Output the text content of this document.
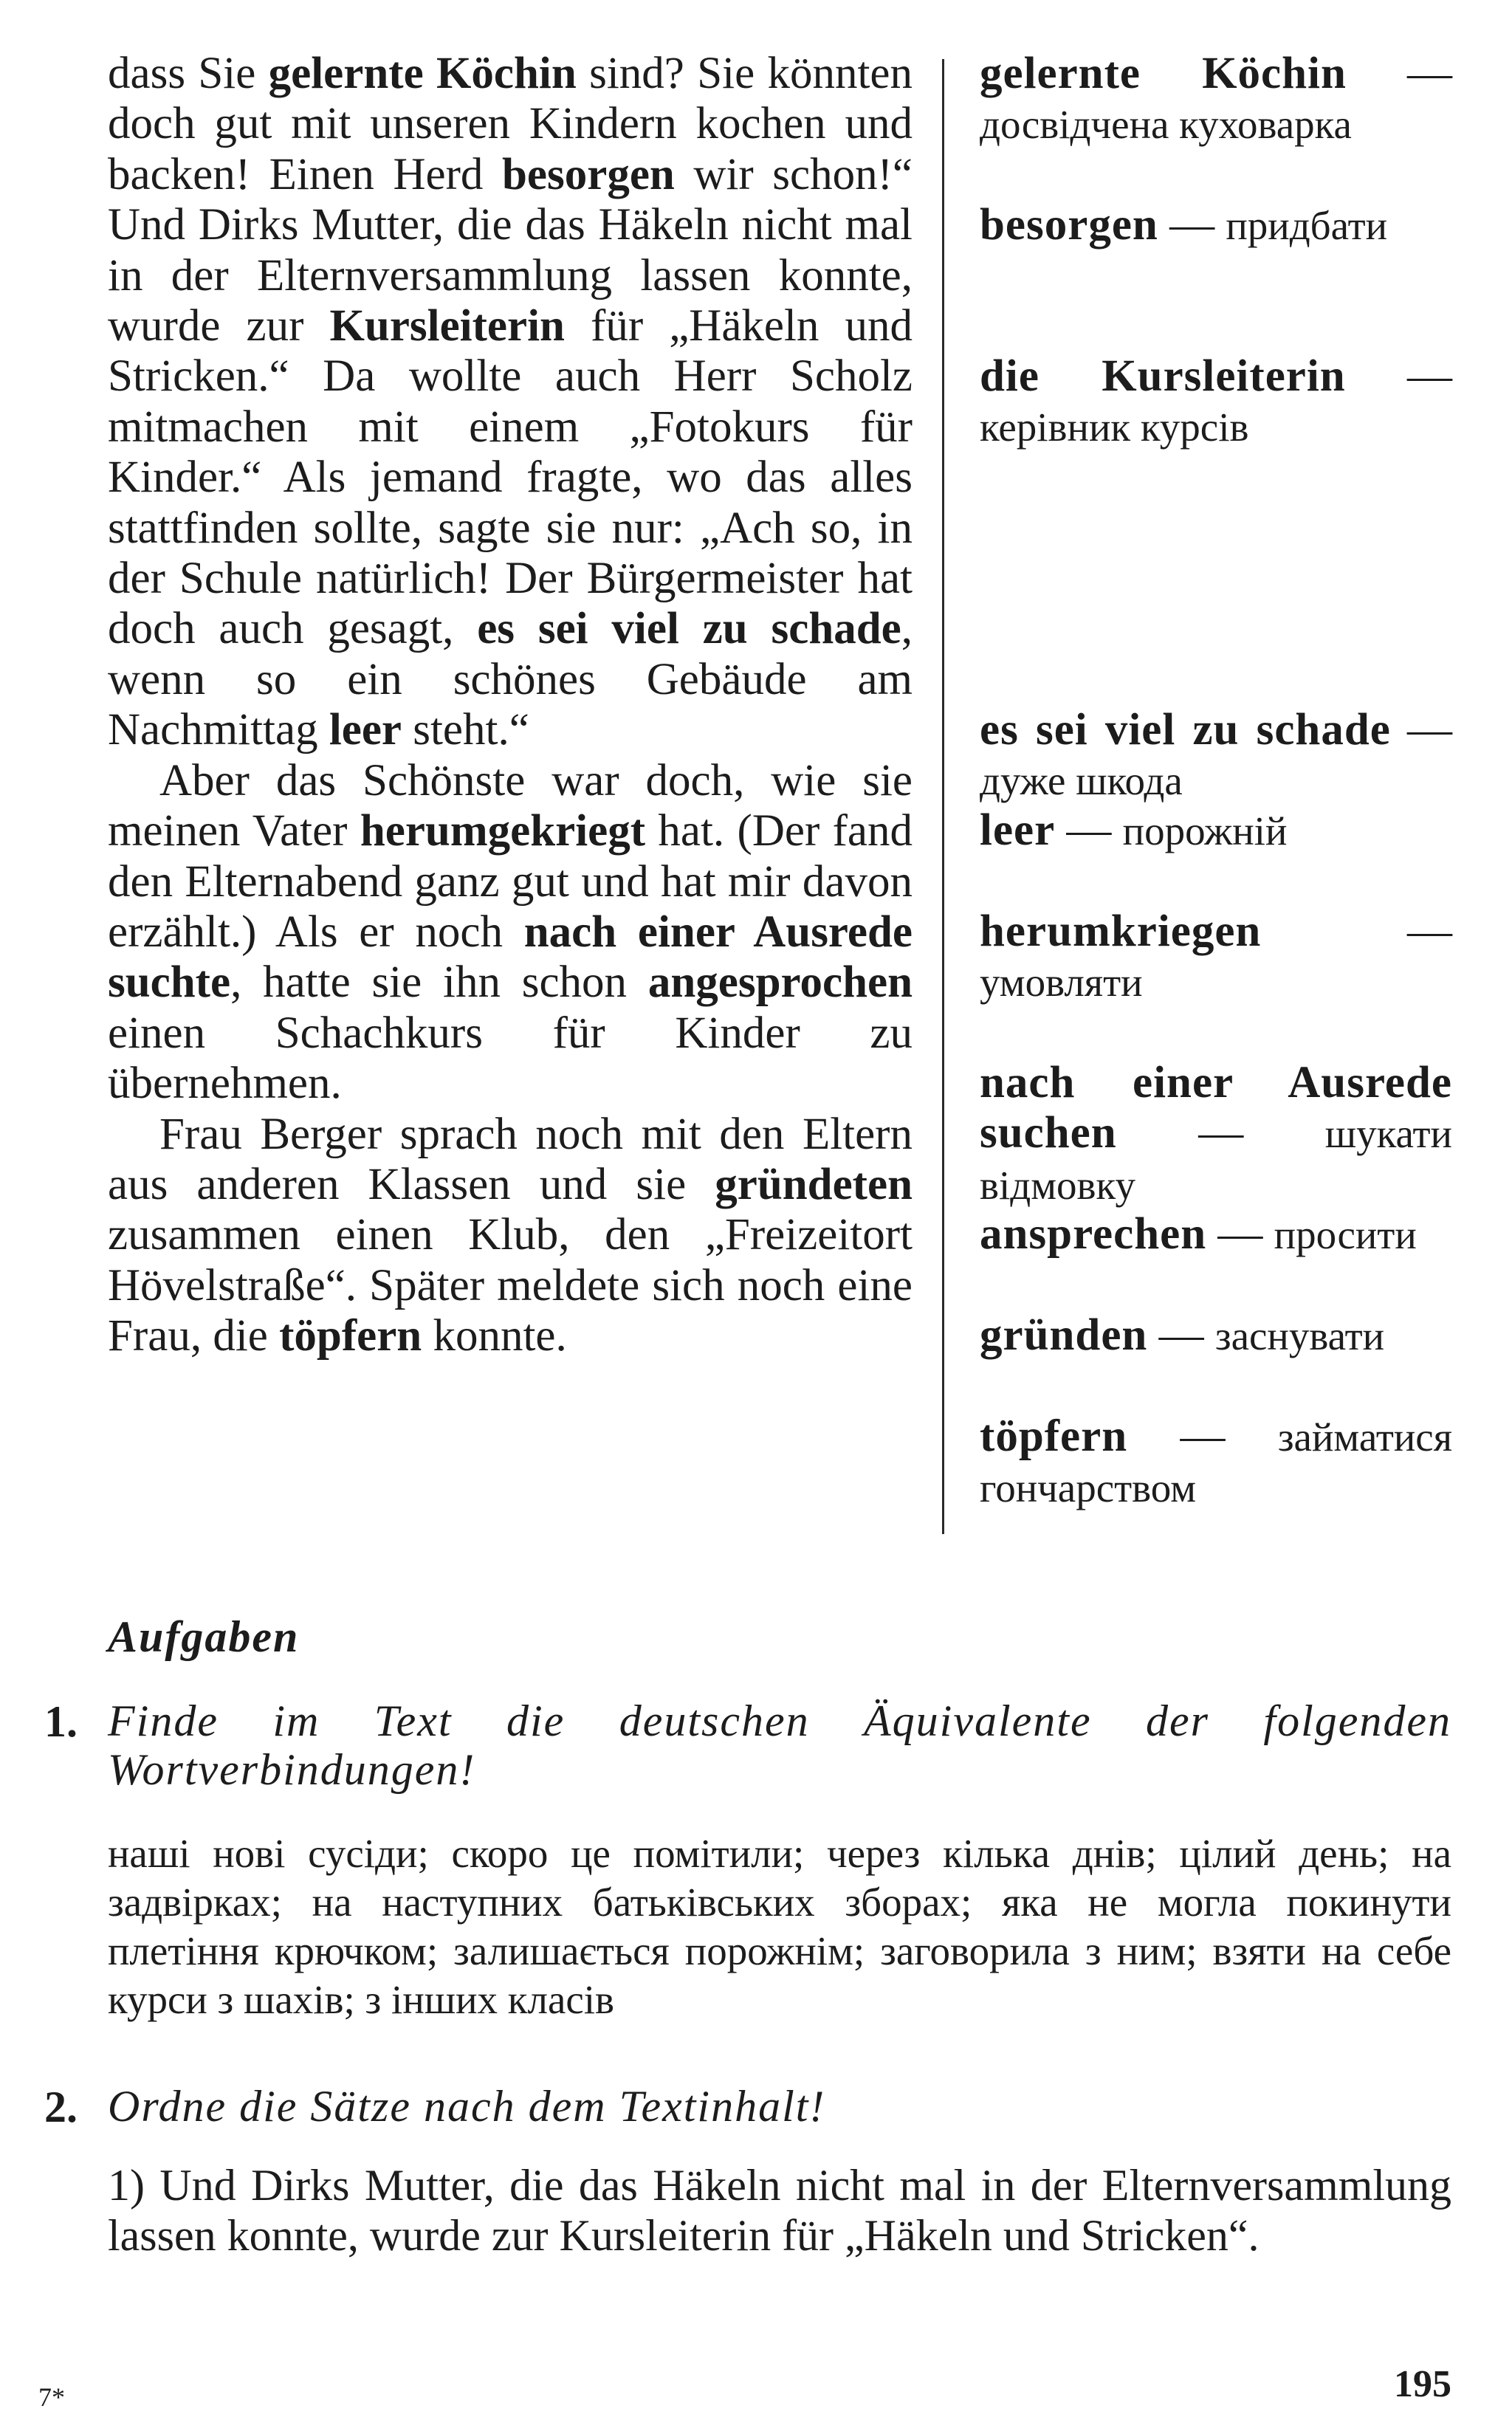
dass Sie gelernte Köchin sind? Sie könnten doch gut mit unseren Kindern kochen und backen! Einen Herd besorgen wir schon!“ Und Dirks Mutter, die das Häkeln nicht mal in der Elternversammlung lassen konnte, wurde zur Kursleiterin für „Häkeln und Stricken.“ Da wollte auch Herr Scholz mitmachen mit einem „Fotokurs für Kinder.“ Als jemand fragte, wo das alles stattfinden sollte, sagte sie nur: „Ach so, in der Schule natürlich! Der Bürgermeister hat doch auch gesagt, es sei viel zu schade, wenn so ein schönes Gebäude am Nachmittag leer steht.“

Aber das Schönste war doch, wie sie meinen Vater herumgekriegt hat. (Der fand den Elternabend ganz gut und hat mir davon erzählt.) Als er noch nach einer Ausrede suchte, hatte sie ihn schon angesprochen einen Schachkurs für Kinder zu übernehmen.

Frau Berger sprach noch mit den Eltern aus anderen Klassen und sie gründeten zusammen einen Klub, den „Freizeitort Hövelstraße“. Später meldete sich noch eine Frau, die töpfern konnte.

gelernte Köchin — досвідчена куховарка
besorgen — придбати
die Kursleiterin — керівник курсів
es sei viel zu schade — дуже шкода
leer — порожній
herumkriegen	— умовляти
nach einer Ausrede suchen — шукати відмовку
ansprechen — просити
gründen — заснувати
töpfern — займатися гончарством
Aufgaben
1. Finde im Text die deutschen Äquivalente der folgenden Wortverbindungen!
наші нові сусіди; скоро це помітили; через кілька днів; цілий день; на задвірках; на наступних батьківських зборах; яка не могла покинути плетіння крючком; залишається порожнім; заговорила з ним; взяти на себе курси з шахів; з інших класів
2. Ordne die Sätze nach dem Textinhalt!
1) Und Dirks Mutter, die das Häkeln nicht mal in der Elternversammlung lassen konnte, wurde zur Kursleiterin für „Häkeln und Stricken“.
7*	195
